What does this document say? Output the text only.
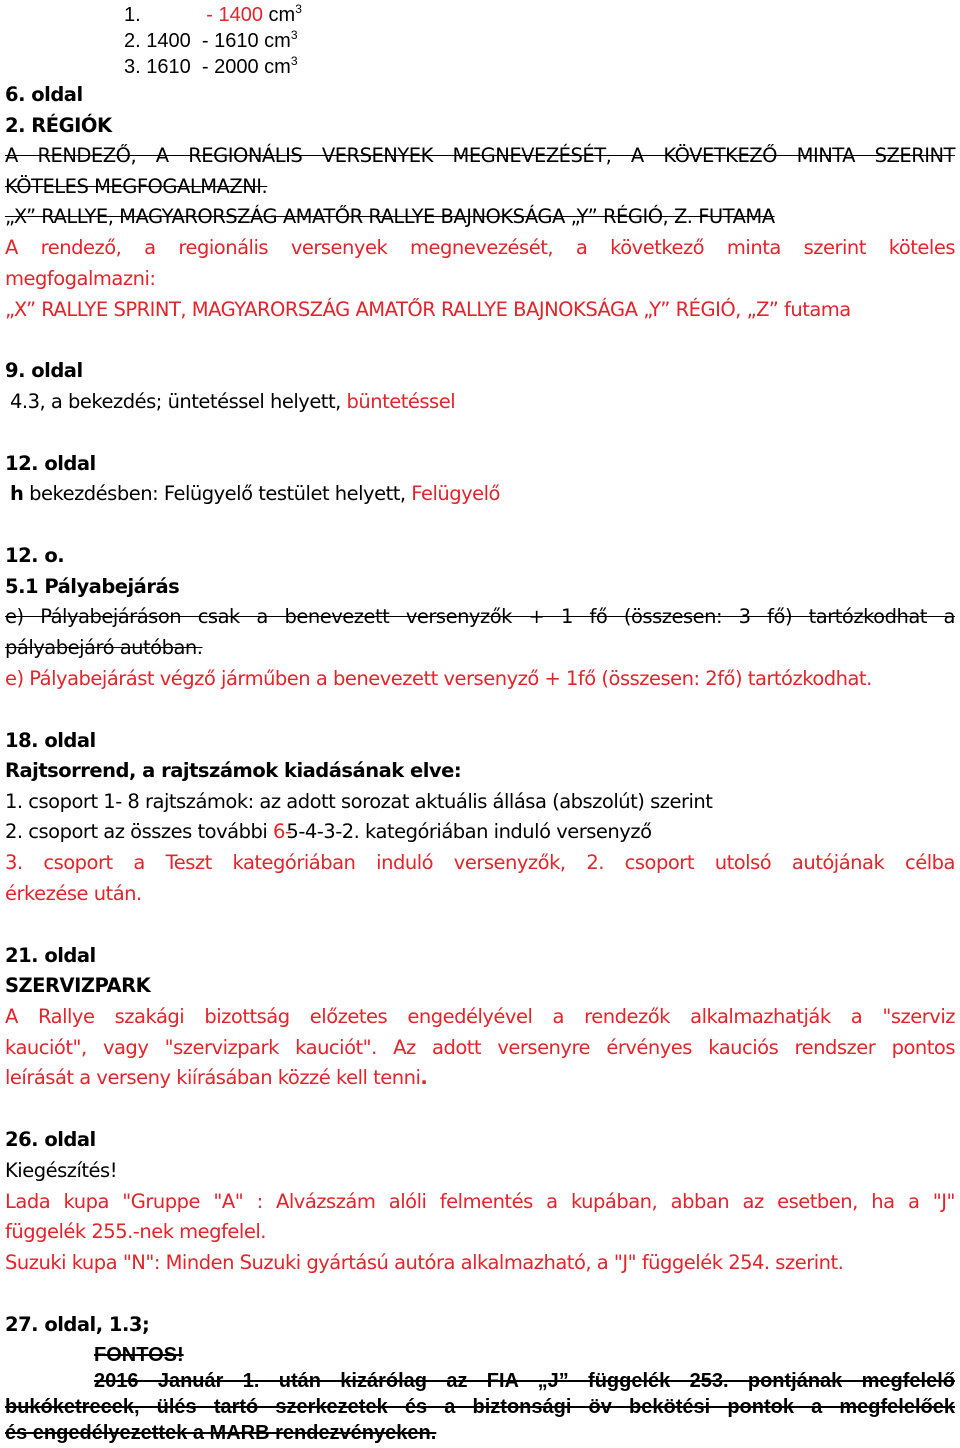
1.	- 1400 $cm^3$
2. 1400  - 1610 $cm^3$
3. 1610  - 2000 $cm^3$
6. oldal
2. RÉGIÓK
A RENDEZŐ, A REGIONÁLIS VERSENYEK MEGNEVEZÉSÉT, A KÖVETKEZŐ MINTA SZERINT
KÖTELES MEGFOGALMAZNI.
„X” RALLYE, MAGYARORSZÁG AMATŐR RALLYE BAJNOKSÁGA „Y” RÉGIÓ, Z. FUTAMA
A rendező, a regionális versenyek megnevezését, a következő minta szerint köteles
megfogalmazni:
„X” RALLYE SPRINT, MAGYARORSZÁG AMATŐR RALLYE BAJNOKSÁGA „Y” RÉGIÓ, „Z” futama
9. oldal
4.3, a bekezdés; üntetéssel helyett, büntetéssel
12. oldal
h bekezdésben: Felügyelő testület helyett, Felügyelő
12. o.
5.1 Pályabejárás
e) Pályabejáráson csak a benevezett versenyzők + 1 fő (összesen: 3 fő) tartózkodhat a
pályabejáró autóban.
e) Pályabejárást végző járműben a benevezett versenyző + 1fő (összesen: 2fő) tartózkodhat.
18. oldal
Rajtsorrend, a rajtszámok kiadásának elve:
1. csoport 1- 8 rajtszámok: az adott sorozat aktuális állása (abszolút) szerint
2. csoport az összes további 6-5-4-3-2. kategóriában induló versenyző
3. csoport a Teszt kategóriában induló versenyzők, 2. csoport utolsó autójának célba
érkezése után.
21. oldal
SZERVIZPARK
A Rallye szakági bizottság előzetes engedélyével a rendezők alkalmazhatják a "szerviz
kauciót", vagy "szervizpark kauciót". Az adott versenyre érvényes kauciós rendszer pontos
leírását a verseny kiírásában közzé kell tenni.
26. oldal
Kiegészítés!
Lada kupa "Gruppe "A" : Alvázszám alóli felmentés a kupában, abban az esetben, ha a "J"
függelék 255.-nek megfelel.
Suzuki kupa "N": Minden Suzuki gyártású autóra alkalmazható, a "J" függelék 254. szerint.
27. oldal, 1.3;
FONTOS!
2016 Január 1. után kizárólag az FIA „J” függelék 253. pontjának megfelelő
bukóketrecek, ülés tartó szerkezetek és a biztonsági öv bekötési pontok a megfelelőek
és engedélyezettek a MARB rendezvényeken.
